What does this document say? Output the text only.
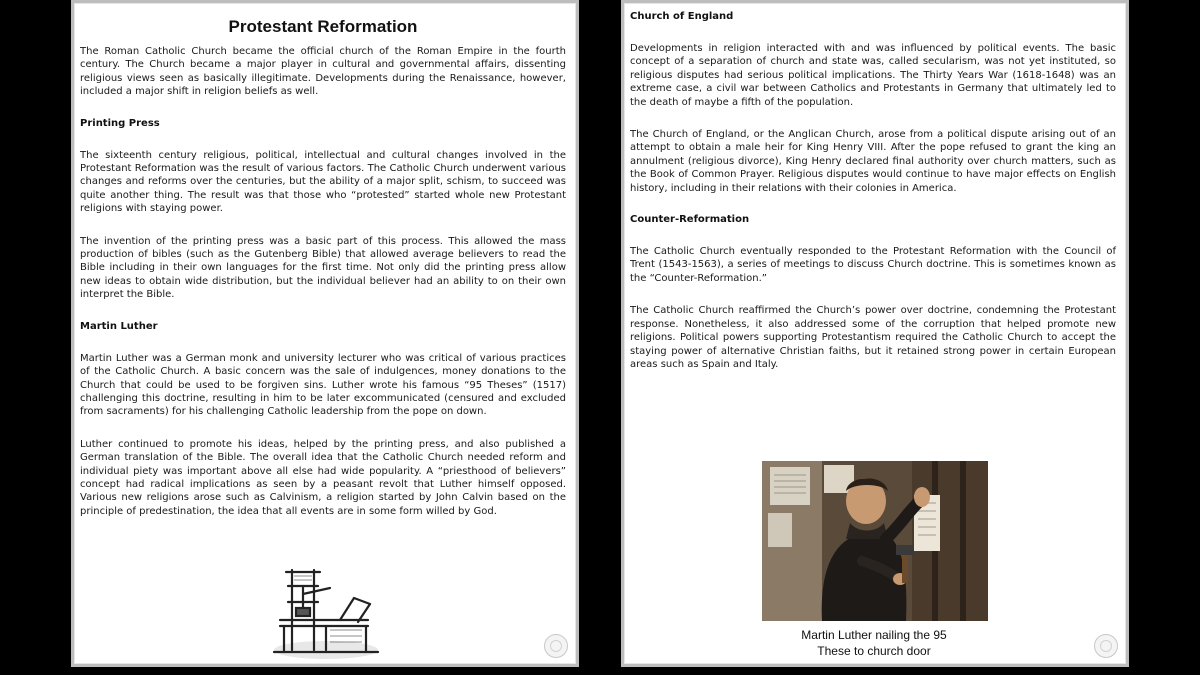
Protestant Reformation

The Roman Catholic Church became the official church of the Roman Empire in the fourth century. The Church became a major player in cultural and governmental affairs, dissenting religious views seen as basically illegitimate. Developments during the Renaissance, however, included a major shift in religion beliefs as well.

Printing Press

The sixteenth century religious, political, intellectual and cultural changes involved in the Protestant Reformation was the result of various factors. The Catholic Church underwent various changes and reforms over the centuries, but the ability of a major split, schism, to succeed was quite another thing. The result was that those who “protested” started whole new Protestant religions with staying power.

The invention of the printing press was a basic part of this process. This allowed the mass production of bibles (such as the Gutenberg Bible) that allowed average believers to read the Bible including in their own languages for the first time. Not only did the printing press allow new ideas to obtain wide distribution, but the individual believer had an ability to on their own interpret the Bible.

Martin Luther

Martin Luther was a German monk and university lecturer who was critical of various practices of the Catholic Church. A basic concern was the sale of indulgences, money donations to the Church that could be used to be forgiven sins. Luther wrote his famous “95 Theses” (1517) challenging this doctrine, resulting in him to be later excommunicated (censured and excluded from sacraments) for his challenging Catholic leadership from the pope on down.

Luther continued to promote his ideas, helped by the printing press, and also published a German translation of the Bible. The overall idea that the Catholic Church needed reform and individual piety was important above all else had wide popularity. A “priesthood of believers” concept had radical implications as seen by a peasant revolt that Luther himself opposed. Various new religions arose such as Calvinism, a religion started by John Calvin based on the principle of predestination, the idea that all events are in some form willed by God.

Church of England

Developments in religion interacted with and was influenced by political events. The basic concept of a separation of church and state was, called secularism, was not yet instituted, so religious disputes had serious political implications. The Thirty Years War (1618-1648) was an extreme case, a civil war between Catholics and Protestants in Germany that ultimately led to the death of maybe a fifth of the population.

The Church of England, or the Anglican Church, arose from a political dispute arising out of an attempt to obtain a male heir for King Henry VIII. After the pope refused to grant the king an annulment (religious divorce), King Henry declared final authority over church matters, such as the Book of Common Prayer. Religious disputes would continue to have major effects on English history, including in their relations with their colonies in America.

Counter-Reformation

The Catholic Church eventually responded to the Protestant Reformation with the Council of Trent (1543-1563), a series of meetings to discuss Church doctrine. This is sometimes known as the “Counter-Reformation.”

The Catholic Church reaffirmed the Church’s power over doctrine, condemning the Protestant response. Nonetheless, it also addressed some of the corruption that helped promote new religions. Political powers supporting Protestantism required the Catholic Church to accept the staying power of alternative Christian faiths, but it retained strong power in certain European areas such as Spain and Italy.

Martin Luther nailing the 95
These to church door
